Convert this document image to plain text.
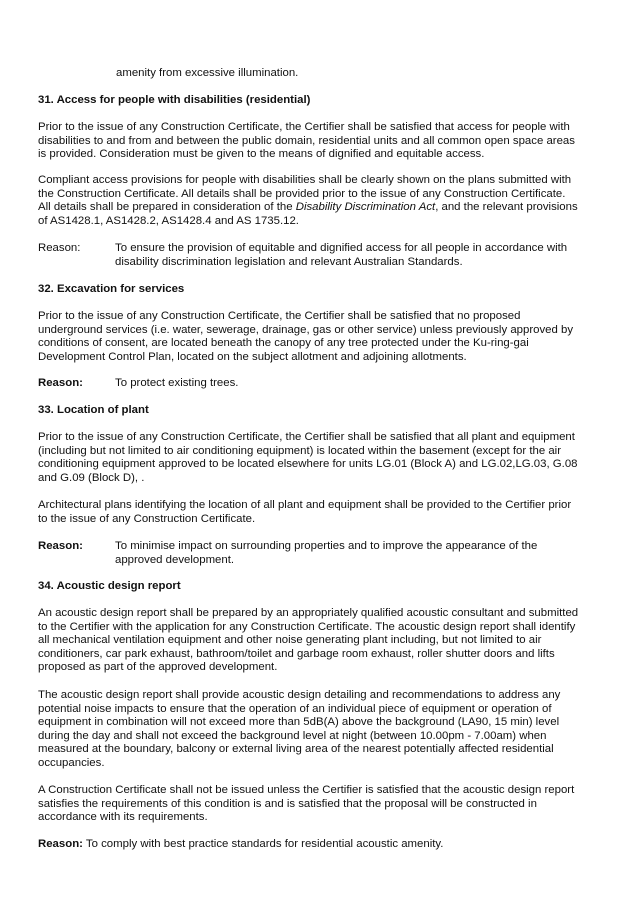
amenity from excessive illumination.
31. Access for people with disabilities (residential)
Prior to the issue of any Construction Certificate, the Certifier shall be satisfied that access for people with
disabilities to and from and between the public domain, residential units and all common open space areas
is provided. Consideration must be given to the means of dignified and equitable access.
Compliant access provisions for people with disabilities shall be clearly shown on the plans submitted with
the Construction Certificate. All details shall be provided prior to the issue of any Construction Certificate.
All details shall be prepared in consideration of the Disability Discrimination Act, and the relevant provisions
of AS1428.1, AS1428.2, AS1428.4 and AS 1735.12.
Reason:	To ensure the provision of equitable and dignified access for all people in accordance with
disability discrimination legislation and relevant Australian Standards.
32. Excavation for services
Prior to the issue of any Construction Certificate, the Certifier shall be satisfied that no proposed
underground services (i.e. water, sewerage, drainage, gas or other service) unless previously approved by
conditions of consent, are located beneath the canopy of any tree protected under the Ku-ring-gai
Development Control Plan, located on the subject allotment and adjoining allotments.
Reason:	To protect existing trees.
33. Location of plant
Prior to the issue of any Construction Certificate, the Certifier shall be satisfied that all plant and equipment
(including but not limited to air conditioning equipment) is located within the basement (except for the air
conditioning equipment approved to be located elsewhere for units LG.01 (Block A) and LG.02,LG.03, G.08
and G.09 (Block D), .
Architectural plans identifying the location of all plant and equipment shall be provided to the Certifier prior
to the issue of any Construction Certificate.
Reason:	To minimise impact on surrounding properties and to improve the appearance of the
approved development.
34. Acoustic design report
An acoustic design report shall be prepared by an appropriately qualified acoustic consultant and submitted
to the Certifier with the application for any Construction Certificate. The acoustic design report shall identify
all mechanical ventilation equipment and other noise generating plant including, but not limited to air
conditioners, car park exhaust, bathroom/toilet and garbage room exhaust, roller shutter doors and lifts
proposed as part of the approved development.
The acoustic design report shall provide acoustic design detailing and recommendations to address any
potential noise impacts to ensure that the operation of an individual piece of equipment or operation of
equipment in combination will not exceed more than 5dB(A) above the background (LA90, 15 min) level
during the day and shall not exceed the background level at night (between 10.00pm - 7.00am) when
measured at the boundary, balcony or external living area of the nearest potentially affected residential
occupancies.
A Construction Certificate shall not be issued unless the Certifier is satisfied that the acoustic design report
satisfies the requirements of this condition is and is satisfied that the proposal will be constructed in
accordance with its requirements.
Reason: To comply with best practice standards for residential acoustic amenity.
